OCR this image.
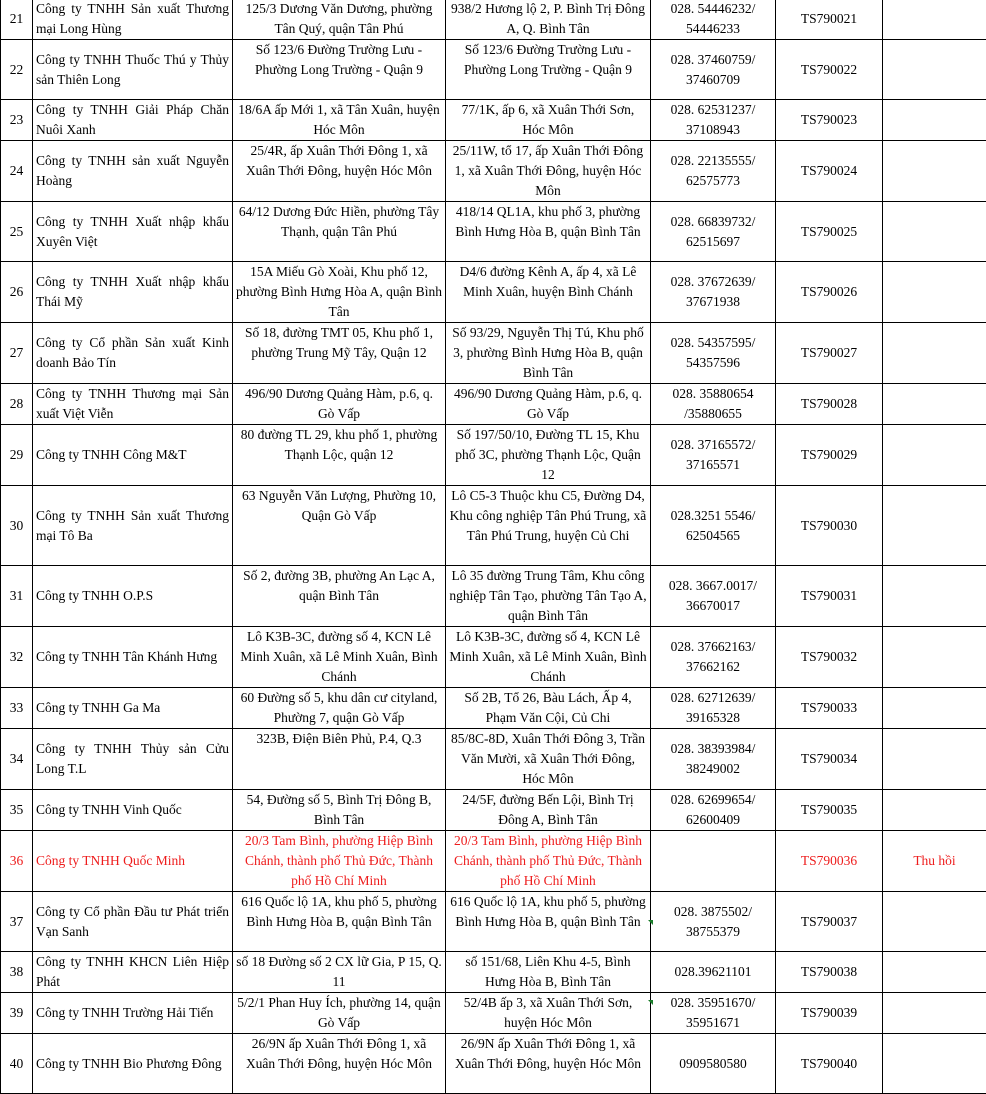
21	Công ty TNHH Sản xuất Thương mại Long Hùng	125/3 Dương Văn Dương, phường Tân Quý, quận Tân Phú	938/2 Hương lộ 2, P. Bình Trị Đông A, Q. Bình Tân	028. 54446232/ 54446233	TS790021	
22	Công ty TNHH Thuốc Thú y Thủy sản Thiên Long	Số 123/6 Đường Trường Lưu - Phường Long Trường - Quận 9	Số 123/6 Đường Trường Lưu - Phường Long Trường - Quận 9	028. 37460759/ 37460709	TS790022	
23	Công ty TNHH Giải Pháp Chăn Nuôi Xanh	18/6A ấp Mới 1, xã Tân Xuân, huyện Hóc Môn	77/1K, ấp 6, xã Xuân Thới Sơn, Hóc Môn	028. 62531237/ 37108943	TS790023	
24	Công ty TNHH sản xuất Nguyễn Hoàng	25/4R, ấp Xuân Thới Đông 1, xã Xuân Thới Đông, huyện Hóc Môn	25/11W, tổ 17, ấp Xuân Thới Đông 1, xã Xuân Thới Đông, huyện Hóc Môn	028. 22135555/ 62575773	TS790024	
25	Công ty TNHH Xuất nhập khẩu Xuyên Việt	64/12 Dương Đức Hiền, phường Tây Thạnh, quận Tân Phú	418/14 QL1A, khu phố 3, phường Bình Hưng Hòa B, quận Bình Tân	028. 66839732/ 62515697	TS790025	
26	Công ty TNHH Xuất nhập khẩu Thái Mỹ	15A Miếu Gò Xoài, Khu phố 12, phường Bình Hưng Hòa A, quận Bình Tân	D4/6 đường Kênh A, ấp 4, xã Lê Minh Xuân, huyện Bình Chánh	028. 37672639/ 37671938	TS790026	
27	Công ty Cổ phần Sản xuất Kinh doanh Bảo Tín	Số 18, đường TMT 05, Khu phố 1, phường Trung Mỹ Tây, Quận 12	Số 93/29, Nguyễn Thị Tú, Khu phố 3, phường Bình Hưng Hòa B, quận Bình Tân	028. 54357595/ 54357596	TS790027	
28	Công ty TNHH Thương mại Sản xuất Việt Viễn	496/90 Dương Quảng Hàm, p.6, q. Gò Vấp	496/90 Dương Quảng Hàm, p.6, q. Gò Vấp	028. 35880654 /35880655	TS790028	
29	Công ty TNHH Công M&T	80 đường TL 29, khu phố 1, phường Thạnh Lộc, quận 12	Số 197/50/10, Đường TL 15, Khu phố 3C, phường Thạnh Lộc, Quận 12	028. 37165572/ 37165571	TS790029	
30	Công ty TNHH Sản xuất Thương mại Tô Ba	63 Nguyễn Văn Lượng, Phường 10, Quận Gò Vấp	Lô C5-3 Thuộc khu C5, Đường D4, Khu công nghiệp Tân Phú Trung, xã Tân Phú Trung, huyện Củ Chi	028.3251 5546/ 62504565	TS790030	
31	Công ty TNHH O.P.S	Số 2, đường 3B, phường An Lạc A, quận Bình Tân	Lô 35 đường Trung Tâm, Khu công nghiệp Tân Tạo, phường Tân Tạo A, quận Bình Tân	028. 3667.0017/ 36670017	TS790031	
32	Công ty TNHH Tân Khánh Hưng	Lô K3B-3C, đường số 4, KCN Lê Minh Xuân, xã Lê Minh Xuân, Bình Chánh	Lô K3B-3C, đường số 4, KCN Lê Minh Xuân, xã Lê Minh Xuân, Bình Chánh	028. 37662163/ 37662162	TS790032	
33	Công ty TNHH Ga Ma	60 Đường số 5, khu dân cư cityland, Phường 7, quận Gò Vấp	Số 2B, Tổ 26, Bàu Lách, Ấp 4, Phạm Văn Cội, Củ Chi	028. 62712639/ 39165328	TS790033	
34	Công ty TNHH Thủy sản Cửu Long T.L	323B, Điện Biên Phủ, P.4, Q.3	85/8C-8D, Xuân Thới Đông 3, Trần Văn Mười, xã Xuân Thới Đông, Hóc Môn	028. 38393984/ 38249002	TS790034	
35	Công ty TNHH Vinh Quốc	54, Đường số 5, Bình Trị Đông B, Bình Tân	24/5F, đường Bến Lội, Bình Trị Đông A, Bình Tân	028. 62699654/ 62600409	TS790035	
36	Công ty TNHH Quốc Minh	20/3 Tam Bình, phường Hiệp Bình Chánh, thành phố Thủ Đức, Thành phố Hồ Chí Minh	20/3 Tam Bình, phường Hiệp Bình Chánh, thành phố Thủ Đức, Thành phố Hồ Chí Minh		TS790036	Thu hồi
37	Công ty Cổ phần Đầu tư Phát triển Vạn Sanh	616 Quốc lộ 1A, khu phố 5, phường Bình Hưng Hòa B, quận Bình Tân	616 Quốc lộ 1A, khu phố 5, phường Bình Hưng Hòa B, quận Bình Tân	028. 3875502/ 38755379	TS790037	
38	Công ty TNHH KHCN Liên Hiệp Phát	số 18 Đường số 2 CX lữ Gia, P 15, Q. 11	số 151/68, Liên Khu 4-5, Bình Hưng Hòa B, Bình Tân	028.39621101	TS790038	
39	Công ty TNHH Trường Hải Tiến	5/2/1 Phan Huy Ích, phường 14, quận Gò Vấp	52/4B ấp 3, xã Xuân Thới Sơn, huyện Hóc Môn	028. 35951670/ 35951671	TS790039	
40	Công ty TNHH Bio Phương Đông	26/9N ấp Xuân Thới Đông 1, xã Xuân Thới Đông, huyện Hóc Môn	26/9N ấp Xuân Thới Đông 1, xã Xuân Thới Đông, huyện Hóc Môn	0909580580	TS790040	
